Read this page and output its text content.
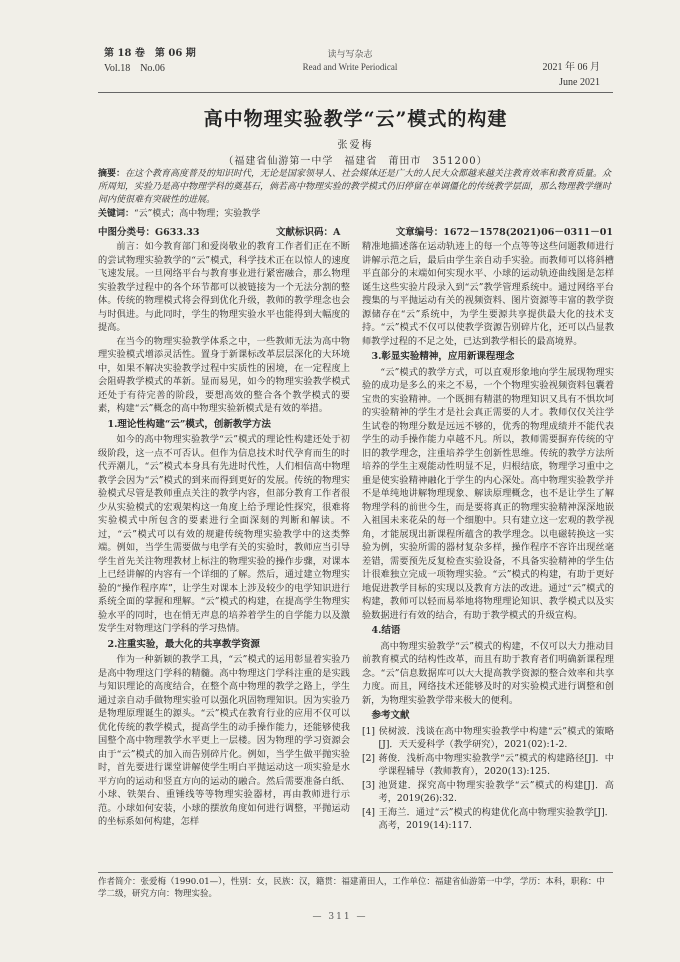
第 18 卷　第 06 期
Vol.18　No.06
读与写杂志
Read and Write Periodical	2021 年 06 月
June 2021
高中物理实验教学“云”模式的构建
张爱梅
（福建省仙游第一中学　福建省　莆田市　351200）
摘要：在这个教育高度普及的知识时代，无论是国家领导人、社会媒体还是广大的人民大众都越来越关注教育效率和教育质量。众所周知，实验乃是高中物理学科的奠基石，倘若高中物理实验的教学模式仍旧停留在单调僵化的传统教学层面，那么物理教学继时间内使很难有突破性的进展。
关键词：“云”模式；高中物理；实验教学
中图分类号：G633.33	文献标识码：A	文章编号：1672－1578(2021)06－0311－01

前言：如今教育部门和爱岗敬业的教育工作者们正在不断的尝试物理实验教学的“云”模式，科学技术正在以惊人的速度飞速发展。一旦网络平台与教育事业进行紧密融合，那么物理实验教学过程中的各个环节都可以被链接为一个无法分割的整体。传统的物理模式将会得到优化升级，教师的教学理念也会与时俱进。与此同时，学生的物理实验水平也能得到大幅度的提高。

在当今的物理实验教学体系之中，一些教师无法为高中物理实验模式增添灵活性。置身于新课标改革层层深化的大环境中，如果不解决实验教学过程中实质性的困境，在一定程度上会阻碍教学模式的革新。显而易见，如今的物理实验教学模式还处于有待完善的阶段，要想高效的整合各个教学模式的要素，构建“云”概念的高中物理实验新模式是有效的举措。

1.理论性构建“云”模式，创新教学方法

如今的高中物理实验教学“云”模式的理论性构建还处于初级阶段，这一点不可否认。但作为信息技术时代孕育而生的时代弄潮儿，“云”模式本身具有先进时代性，人们相信高中物理教学会因为“云”模式的到来而得到更好的发展。传统的物理实验模式尽管是教师重点关注的教学内容，但部分教育工作者很少从实验模式的宏观架构这一角度上给予理论性探究，很难将实验模式中所包含的要素进行全面深刻的判断和解读。不过，“云”模式可以有效的规避传统物理实验教学中的这类弊端。例如，当学生需要做与电学有关的实验时，教师应当引导学生首先关注物理教材上标注的物理实验的操作步骤，对课本上已经讲解的内容有一个详细的了解。然后，通过建立物理实验的“操作程序库”，让学生对课本上涉及较少的电学知识进行系统全面的掌握和理解。“云”模式的构建，在提高学生物理实验水平的同时，也在悄无声息的培养着学生的自学能力以及激发学生对物理这门学科的学习热情。

2.注重实验，最大化的共享教学资源

作为一种新颖的教学工具，“云”模式的运用彰显着实验乃是高中物理这门学科的精髓。高中物理这门学科注重的是实践与知识理论的高度结合，在整个高中物理的教学之路上，学生通过亲自动手做物理实验可以强化巩固物理知识。因为实验乃是物理原理诞生的源头。“云”模式在教育行业的应用不仅可以优化传统的教学模式，提高学生的动手操作能力，还能够使我国整个高中物理教学水平更上一层楼。因为物理的学习资源会由于“云”模式的加入而告别碎片化。例如，当学生做平抛实验时，首先要进行课堂讲解使学生明白平抛运动这一项实验是水平方向的运动和竖直方向的运动的融合。然后需要准备白纸、小球、铁架台、重锤线等等物理实验器材，再由教师进行示范。小球如何安装，小球的摆放角度如何进行调整，平抛运动的坐标系如何构建，怎样

精准地描述落在运动轨迹上的每一个点等等这些问题教师进行讲解示范之后，最后由学生亲自动手实验。而教师可以将斜槽平直部分的末端如何实现水平、小球的运动轨迹曲线图是怎样诞生这些实验片段录入到“云”教学管理系统中。通过网络平台搜集的与平抛运动有关的视频资料、图片资源等丰富的教学资源储存在“云”系统中，为学生要源共享提供最大化的技术支持。“云”模式不仅可以使教学资源告别碎片化，还可以凸显教师教学过程的不足之处，已达到教学相长的最高境界。

3.彰显实验精神，应用新课程理念

“云”模式的教学方式，可以直观形象地向学生展现物理实验的成功是多么的来之不易，一个个物理实验视频资料包囊着宝贵的实验精神。一个既拥有精湛的物理知识又具有不惧坎坷的实验精神的学生才是社会真正需要的人才。教师仅仅关注学生试卷的物理分数是远远不够的，优秀的物理成绩并不能代表学生的动手操作能力卓越不凡。所以，教师需要摒弃传统的守旧的教学理念，注重培养学生创新性思维。传统的教学方法所培养的学生主观能动性明显不足，归根结底，物理学习重中之重是使实验精神融化于学生的内心深处。高中物理实验教学并不是单纯地讲解物理现象、解读原理概念，也不是让学生了解物理学科的前世今生，而是要将真正的物理实验精神深深地嵌入祖国未来花朵的每一个细胞中。只有建立这一宏观的教学视角，才能展现出新课程所蕴含的教学理念。以电磁转换这一实验为例，实验所需的器材复杂多样，操作程序不容许出现丝毫差错，需要预先反复检查实验设备，不具备实验精神的学生估计很难独立完成一项物理实验。“云”模式的构建，有助于更好地促进教学目标的实现以及教育方法的改进。通过“云”模式的构建，教师可以轻而易举地将物理理论知识、教学模式以及实验数据进行有效的结合，有助于教学模式的升级宣构。

4.结语

高中物理实验教学“云”模式的构建，不仅可以大力推动目前教育模式的结构性改革，而且有助于教育者们明确新课程理念。“云”信息数据库可以大大提高教学资源的整合效率和共享力度。而且，网络技术还能够及时的对实验模式进行调整和创新，为物理实验教学带来极大的便利。

参考文献

[1] 侯树波．浅谈在高中物理实验教学中构建“云”模式的策略[J]．天天爱科学（教学研究），2021(02):1-2.

[2] 蒋俊．浅析高中物理实验教学“云”模式的构建路径[J]．中学课程辅导（教师教育），2020(13):125.

[3] 池贤建．探究高中物理实验教学“云”模式的构建[J]．高考，2019(26):32.

[4] 王海兰．通过“云”模式的构建优化高中物理实验教学[J]．高考，2019(14):117.

作者简介：张爱梅（1990.01—），性别：女，民族：汉，籍贯：福建莆田人，工作单位：福建省仙游第一中学，学历：本科，职称：中学二级，研究方向：物理实验。
— 311 —
